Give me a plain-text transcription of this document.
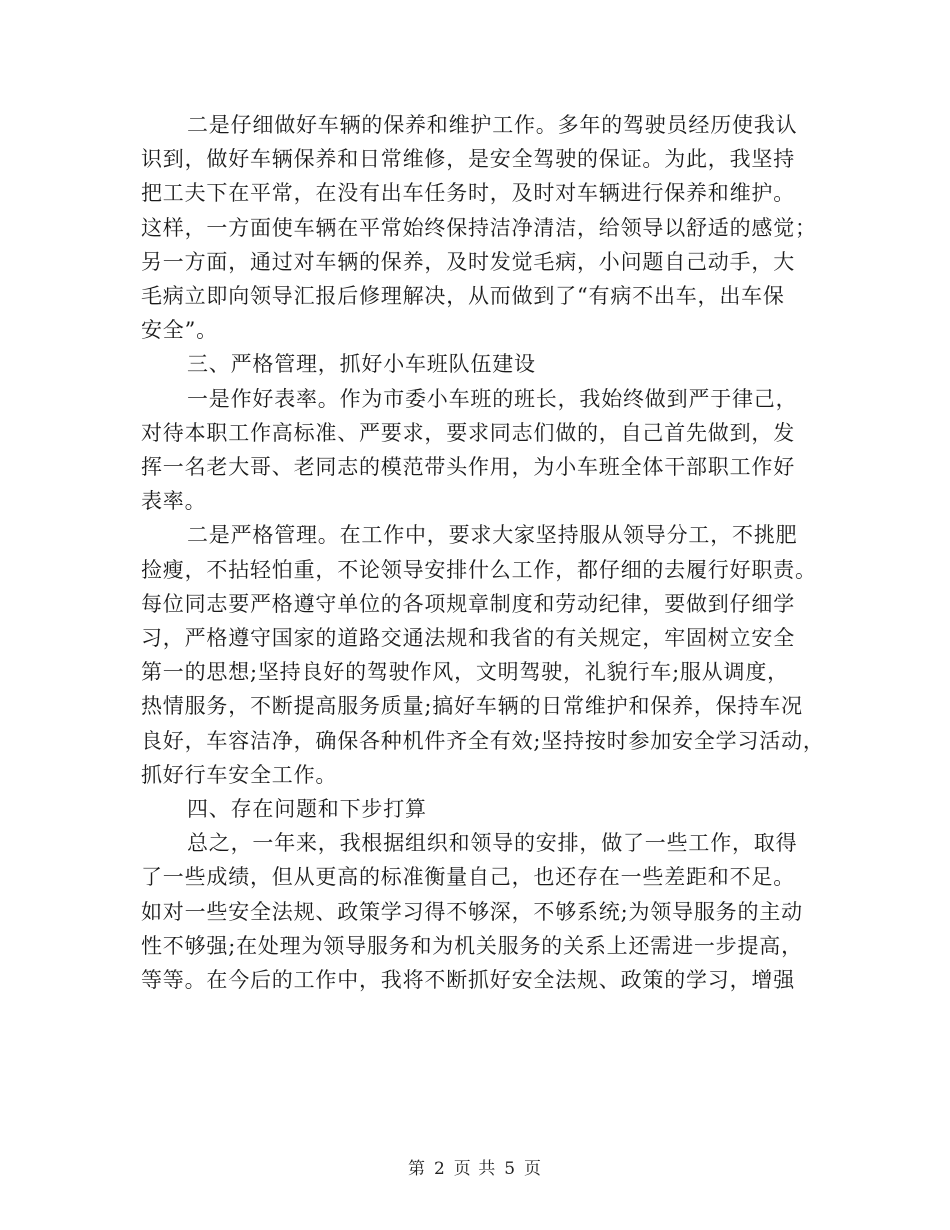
二是仔细做好车辆的保养和维护工作。多年的驾驶员经历使我认
识到，做好车辆保养和日常维修，是安全驾驶的保证。为此，我坚持
把工夫下在平常，在没有出车任务时，及时对车辆进行保养和维护。
这样，一方面使车辆在平常始终保持洁净清洁，给领导以舒适的感觉；
另一方面，通过对车辆的保养，及时发觉毛病，小问题自己动手，大
毛病立即向领导汇报后修理解决，从而做到了“有病不出车，出车保
安全”。

三、严格管理，抓好小车班队伍建设

一是作好表率。作为市委小车班的班长，我始终做到严于律己，
对待本职工作高标准、严要求，要求同志们做的，自己首先做到，发
挥一名老大哥、老同志的模范带头作用，为小车班全体干部职工作好
表率。

二是严格管理。在工作中，要求大家坚持服从领导分工，不挑肥
捡瘦，不拈轻怕重，不论领导安排什么工作，都仔细的去履行好职责。
每位同志要严格遵守单位的各项规章制度和劳动纪律，要做到仔细学
习，严格遵守国家的道路交通法规和我省的有关规定，牢固树立安全
第一的思想;坚持良好的驾驶作风，文明驾驶，礼貌行车;服从调度，
热情服务，不断提高服务质量;搞好车辆的日常维护和保养，保持车况
良好，车容洁净，确保各种机件齐全有效;坚持按时参加安全学习活动，
抓好行车安全工作。

四、存在问题和下步打算

总之，一年来，我根据组织和领导的安排，做了一些工作，取得
了一些成绩，但从更高的标准衡量自己，也还存在一些差距和不足。
如对一些安全法规、政策学习得不够深，不够系统;为领导服务的主动
性不够强;在处理为领导服务和为机关服务的关系上还需进一步提高，
等等。在今后的工作中，我将不断抓好安全法规、政策的学习，增强

第 2 页 共 5 页
